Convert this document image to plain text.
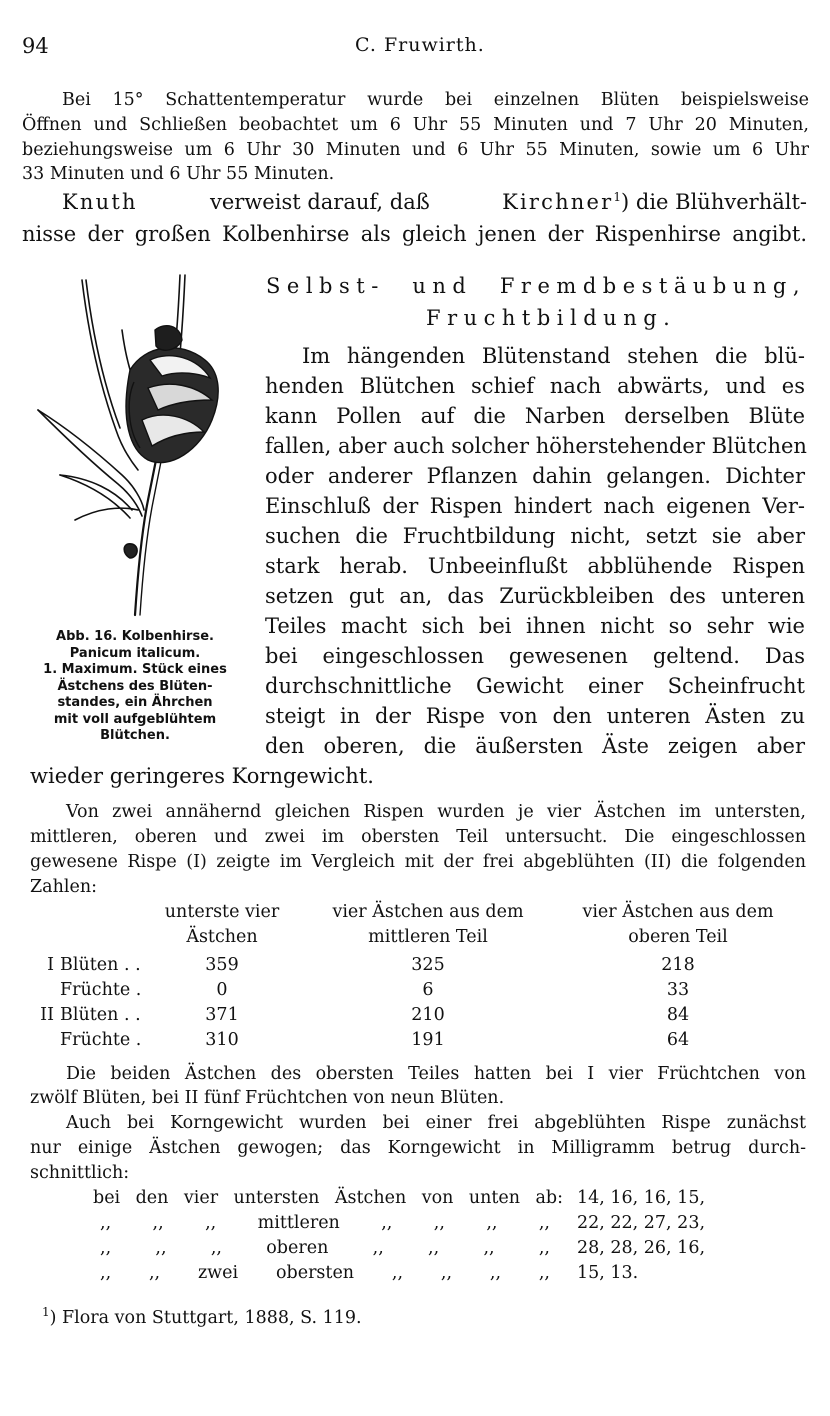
94	C. Fruwirth.
Bei 15° Schattentemperatur wurde bei einzelnen Blüten beispielsweise
Öffnen und Schließen beobachtet um 6 Uhr 55 Minuten und 7 Uhr 20 Minuten,
beziehungsweise um 6 Uhr 30 Minuten und 6 Uhr 55 Minuten, sowie um 6 Uhr
33 Minuten und 6 Uhr 55 Minuten.
Knuth	verweist darauf, daß	Kirchner$^1$) die Blühverhält-
nisse der großen Kolbenhirse als gleich jenen der Rispenhirse angibt.
Abb. 16. Kolbenhirse.
Panicum italicum.
1. Maximum. Stück eines
Ästchens des Blüten-
standes, ein Ährchen
mit voll aufgeblühtem
Blütchen.
Selbst- und Fremdbestäubung,
Fruchtbildung.
Im hängenden Blütenstand stehen die blü-
henden Blütchen schief nach abwärts, und es
kann Pollen auf die Narben derselben Blüte
fallen, aber auch solcher höherstehender Blütchen
oder anderer Pflanzen dahin gelangen. Dichter
Einschluß der Rispen hindert nach eigenen Ver-
suchen die Fruchtbildung nicht, setzt sie aber
stark herab. Unbeeinflußt abblühende Rispen
setzen gut an, das Zurückbleiben des unteren
Teiles macht sich bei ihnen nicht so sehr wie
bei eingeschlossen gewesenen geltend. Das
durchschnittliche Gewicht einer Scheinfrucht
steigt in der Rispe von den unteren Ästen zu
den oberen, die äußersten Äste zeigen aber
wieder geringeres Korngewicht.
Von zwei annähernd gleichen Rispen wurden je vier Ästchen im untersten,
mittleren, oberen und zwei im obersten Teil untersucht. Die eingeschlossen
gewesene Rispe (I) zeigte im Vergleich mit der frei abgeblühten (II) die folgenden
Zahlen:
		unterste vier	vier Ästchen aus dem	vier Ästchen aus dem
		Ästchen	mittleren Teil	oberen Teil
I	Blüten . .	359	325	218
	Früchte .	0	6	33
II	Blüten . .	371	210	84
	Früchte .	310	191	64
Die beiden Ästchen des obersten Teiles hatten bei I vier Früchtchen von
zwölf Blüten, bei II fünf Früchtchen von neun Blüten.
Auch bei Korngewicht wurden bei einer frei abgeblühten Rispe zunächst
nur einige Ästchen gewogen; das Korngewicht in Milligramm betrug durch-
schnittlich:
bei den vier untersten Ästchen von unten ab: 14, 16, 16, 15,
,, ,, ,, mittleren ,, ,, ,, ,, 22, 22, 27, 23,
,, ,, ,, oberen ,, ,, ,, ,, 28, 28, 26, 16,
,, ,, zwei obersten ,, ,, ,, ,, 15, 13.
$^1$) Flora von Stuttgart, 1888, S. 119.
